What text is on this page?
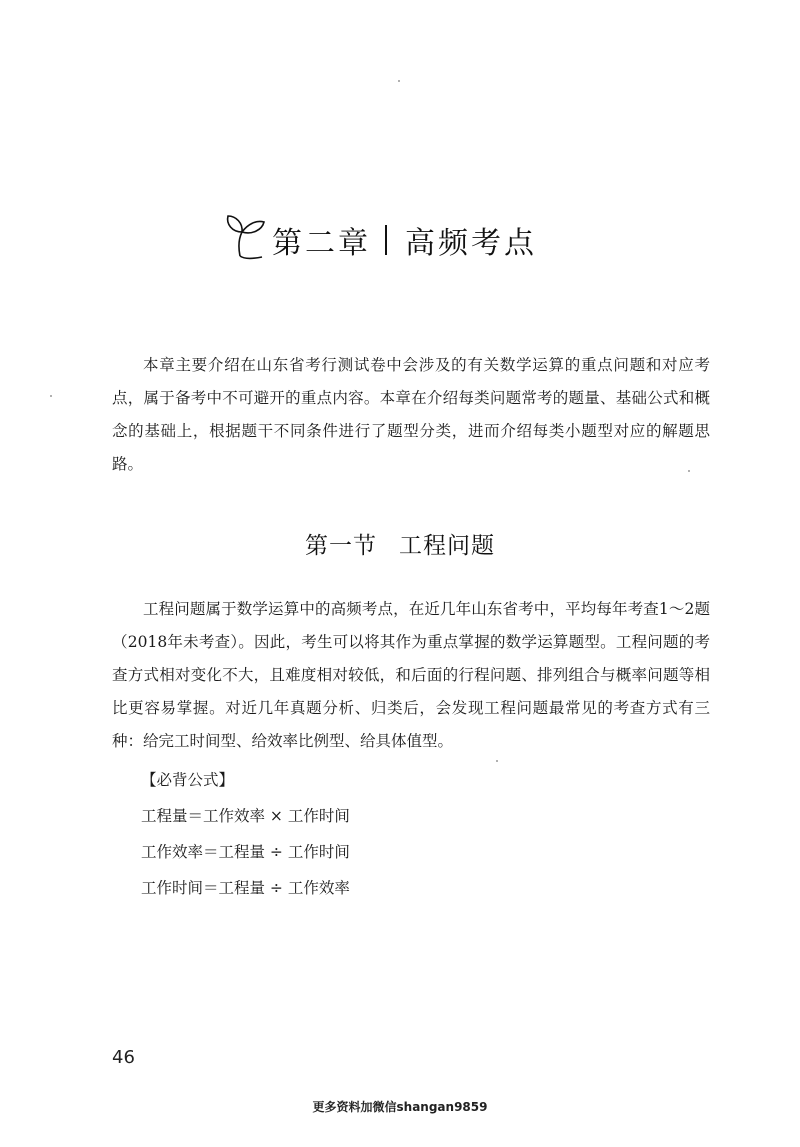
第二章 高频考点

本章主要介绍在山东省考行测试卷中会涉及的有关数学运算的重点问题和对应考点，属于备考中不可避开的重点内容。本章在介绍每类问题常考的题量、基础公式和概念的基础上，根据题干不同条件进行了题型分类，进而介绍每类小题型对应的解题思路。

第一节 工程问题

工程问题属于数学运算中的高频考点，在近几年山东省考中，平均每年考查1～2题（2018年未考查）。因此，考生可以将其作为重点掌握的数学运算题型。工程问题的考查方式相对变化不大，且难度相对较低，和后面的行程问题、排列组合与概率问题等相比更容易掌握。对近几年真题分析、归类后，会发现工程问题最常见的考查方式有三种：给完工时间型、给效率比例型、给具体值型。

【必背公式】
工程量＝工作效率 × 工作时间
工作效率＝工程量 ÷ 工作时间
工作时间＝工程量 ÷ 工作效率
46
更多资料加微信shangan9859
